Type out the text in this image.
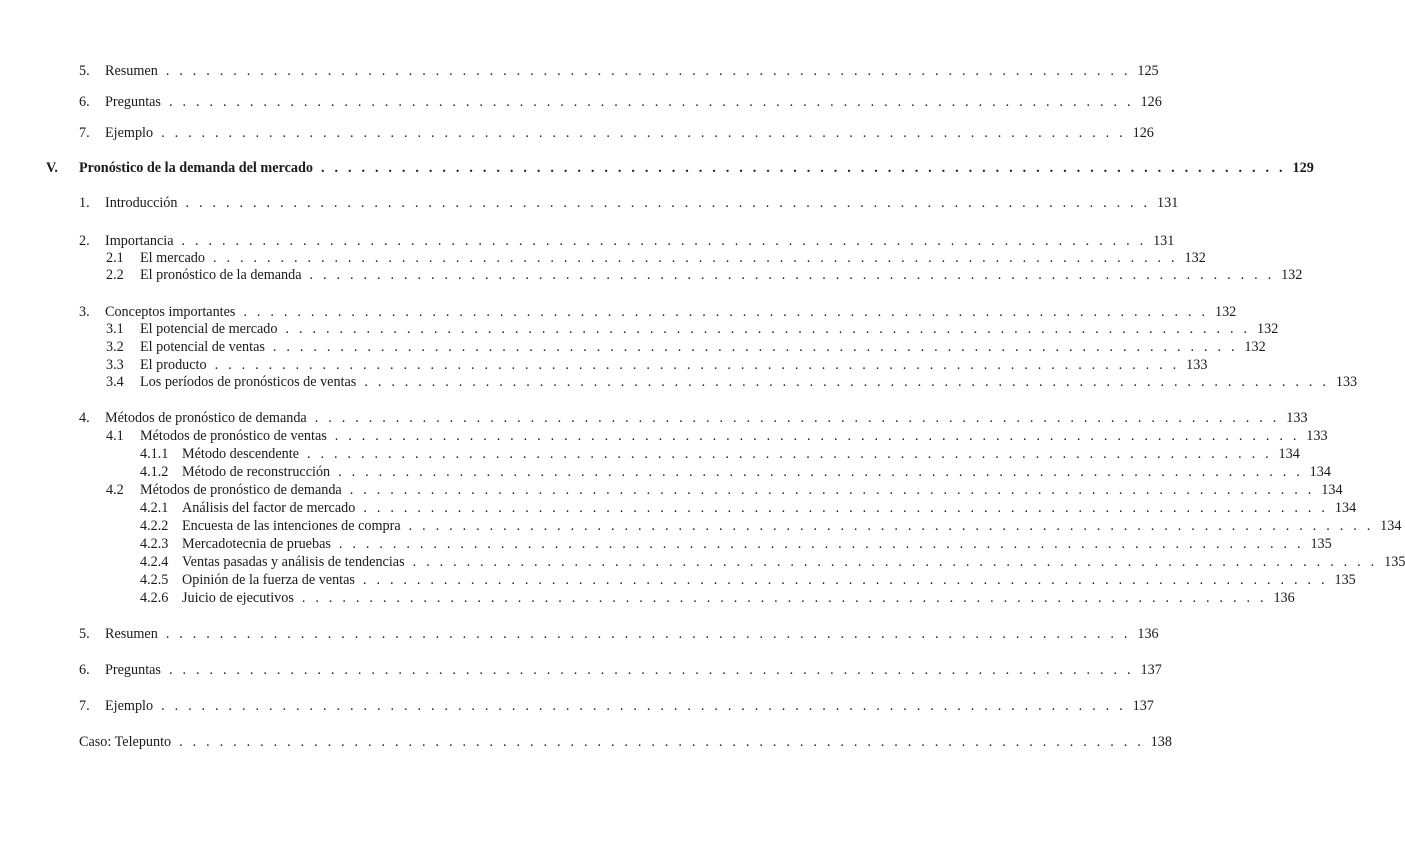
5.	Resumen . . . . . . . . . . . . . . . . . . . . . . . . . . . . . . . . . . . . . . . . . . . . . . . . . . . . . . . . . . . . . . . . . . . . . . . . 125
6.	Preguntas . . . . . . . . . . . . . . . . . . . . . . . . . . . . . . . . . . . . . . . . . . . . . . . . . . . . . . . . . . . . . . . . . . . . . . . . 126
7.	Ejemplo . . . . . . . . . . . . . . . . . . . . . . . . . . . . . . . . . . . . . . . . . . . . . . . . . . . . . . . . . . . . . . . . . . . . . . . . 126
V.	Pronóstico de la demanda del mercado . . . . . . . . . . . . . . . . . . . . . . . . . . . . . . . . . . . . . . . . . . . . . . . . . . . . . . . . . . . . . . . . . . . . . . . . 129
1.	Introducción . . . . . . . . . . . . . . . . . . . . . . . . . . . . . . . . . . . . . . . . . . . . . . . . . . . . . . . . . . . . . . . . . . . . . . . . 131
2.	Importancia . . . . . . . . . . . . . . . . . . . . . . . . . . . . . . . . . . . . . . . . . . . . . . . . . . . . . . . . . . . . . . . . . . . . . . . . 131
2.1	El mercado . . . . . . . . . . . . . . . . . . . . . . . . . . . . . . . . . . . . . . . . . . . . . . . . . . . . . . . . . . . . . . . . . . . . . . . . 132
2.2	El pronóstico de la demanda . . . . . . . . . . . . . . . . . . . . . . . . . . . . . . . . . . . . . . . . . . . . . . . . . . . . . . . . . . . . . . . . . . . . . . . . 132
3.	Conceptos importantes . . . . . . . . . . . . . . . . . . . . . . . . . . . . . . . . . . . . . . . . . . . . . . . . . . . . . . . . . . . . . . . . . . . . . . . . 132
3.1	El potencial de mercado . . . . . . . . . . . . . . . . . . . . . . . . . . . . . . . . . . . . . . . . . . . . . . . . . . . . . . . . . . . . . . . . . . . . . . . . 132
3.2	El potencial de ventas . . . . . . . . . . . . . . . . . . . . . . . . . . . . . . . . . . . . . . . . . . . . . . . . . . . . . . . . . . . . . . . . . . . . . . . . 132
3.3	El producto . . . . . . . . . . . . . . . . . . . . . . . . . . . . . . . . . . . . . . . . . . . . . . . . . . . . . . . . . . . . . . . . . . . . . . . . 133
3.4	Los períodos de pronósticos de ventas . . . . . . . . . . . . . . . . . . . . . . . . . . . . . . . . . . . . . . . . . . . . . . . . . . . . . . . . . . . . . . . . . . . . . . . . 133
4.	Métodos de pronóstico de demanda . . . . . . . . . . . . . . . . . . . . . . . . . . . . . . . . . . . . . . . . . . . . . . . . . . . . . . . . . . . . . . . . . . . . . . . . 133
4.1	Métodos de pronóstico de ventas . . . . . . . . . . . . . . . . . . . . . . . . . . . . . . . . . . . . . . . . . . . . . . . . . . . . . . . . . . . . . . . . . . . . . . . . 133
4.1.1 Método descendente . . . . . . . . . . . . . . . . . . . . . . . . . . . . . . . . . . . . . . . . . . . . . . . . . . . . . . . . . . . . . . . . . . . . . . . . 134
4.1.2 Método de reconstrucción . . . . . . . . . . . . . . . . . . . . . . . . . . . . . . . . . . . . . . . . . . . . . . . . . . . . . . . . . . . . . . . . . . . . . . . . 134
4.2	Métodos de pronóstico de demanda . . . . . . . . . . . . . . . . . . . . . . . . . . . . . . . . . . . . . . . . . . . . . . . . . . . . . . . . . . . . . . . . . . . . . . . . 134
4.2.1 Análisis del factor de mercado . . . . . . . . . . . . . . . . . . . . . . . . . . . . . . . . . . . . . . . . . . . . . . . . . . . . . . . . . . . . . . . . . . . . . . . . 134
4.2.2 Encuesta de las intenciones de compra . . . . . . . . . . . . . . . . . . . . . . . . . . . . . . . . . . . . . . . . . . . . . . . . . . . . . . . . . . . . . . . . . . . . . . . . 134
4.2.3 Mercadotecnia de pruebas . . . . . . . . . . . . . . . . . . . . . . . . . . . . . . . . . . . . . . . . . . . . . . . . . . . . . . . . . . . . . . . . . . . . . . . . 135
4.2.4 Ventas pasadas y análisis de tendencias . . . . . . . . . . . . . . . . . . . . . . . . . . . . . . . . . . . . . . . . . . . . . . . . . . . . . . . . . . . . . . . . . . . . . . . . 135
4.2.5 Opinión de la fuerza de ventas . . . . . . . . . . . . . . . . . . . . . . . . . . . . . . . . . . . . . . . . . . . . . . . . . . . . . . . . . . . . . . . . . . . . . . . . 135
4.2.6 Juicio de ejecutivos . . . . . . . . . . . . . . . . . . . . . . . . . . . . . . . . . . . . . . . . . . . . . . . . . . . . . . . . . . . . . . . . . . . . . . . . 136
5.	Resumen . . . . . . . . . . . . . . . . . . . . . . . . . . . . . . . . . . . . . . . . . . . . . . . . . . . . . . . . . . . . . . . . . . . . . . . . 136
6.	Preguntas . . . . . . . . . . . . . . . . . . . . . . . . . . . . . . . . . . . . . . . . . . . . . . . . . . . . . . . . . . . . . . . . . . . . . . . . 137
7.	Ejemplo . . . . . . . . . . . . . . . . . . . . . . . . . . . . . . . . . . . . . . . . . . . . . . . . . . . . . . . . . . . . . . . . . . . . . . . . 137
Caso: Telepunto . . . . . . . . . . . . . . . . . . . . . . . . . . . . . . . . . . . . . . . . . . . . . . . . . . . . . . . . . . . . . . . . . . . . . . . . 138
